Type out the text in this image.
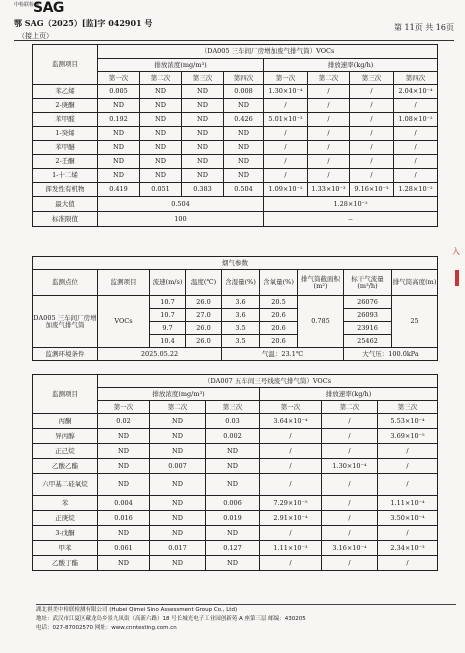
中检联检测
SAG
鄂 SAG（2025）[监]字 042901 号
（接上页）
第 11页 共 16页
监测项目	（DA005 三车间厂房增加废气排气筒）VOCs							
	排放浓度(mg/m³)				排放速率(kg/h)			
	第一次	第二次	第三次	第四次	第一次	第二次	第三次	第四次
苯乙烯	0.005	ND	ND	0.008	1.30×10⁻⁴	/	/	2.04×10⁻⁴
2-庚酮	ND	ND	ND	ND	/	/	/	/
苯甲醛	0.192	ND	ND	0.426	5.01×10⁻³	/	/	1.08×10⁻²
1-癸烯	ND	ND	ND	ND	/	/	/	/
苯甲醚	ND	ND	ND	ND	/	/	/	/
2-壬酮	ND	ND	ND	ND	/	/	/	/
1-十二烯	ND	ND	ND	ND	/	/	/	/
挥发性有机物	0.419	0.051	0.383	0.504	1.09×10⁻²	1.33×10⁻³	9.16×10⁻³	1.28×10⁻²
最大值	0.504				1.28×10⁻²			
标准限值	100				--			
烟气参数								
监测点位	监测项目	流速(m/s)	温度(℃)	含湿量(%)	含氧量(%)	排气筒截面积(m²)	标干气流量(m³/h)	排气筒高度(m)
DA005 三车间厂房增加废气排气筒	VOCs	10.7	26.0	3.6	20.5	0.785	26076	25
		10.7	27.0	3.6	20.6		26093	
		9.7	26.0	3.5	20.6		23916	
		10.4	26.0	3.5	20.6		25462	
监测环境条件	2025.05.22			气温：23.1℃			大气压：100.0kPa	
监测项目	（DA007 五车间三号线废气排气筒）VOCs					
	排放浓度(mg/m³)			排放速率(kg/h)		
	第一次	第二次	第三次	第一次	第二次	第三次
丙酮	0.02	ND	0.03	3.64×10⁻⁴	/	5.53×10⁻⁴
异丙醇	ND	ND	0.002	/	/	3.69×10⁻⁵
正己烷	ND	ND	ND	/	/	/
乙酸乙酯	ND	0.007	ND	/	1.30×10⁻⁴	/
六甲基二硅氧烷	ND	ND	ND	/	/	/
苯	0.004	ND	0.006	7.29×10⁻⁵	/	1.11×10⁻⁴
正庚烷	0.016	ND	0.019	2.91×10⁻⁴	/	3.50×10⁻⁴
3-戊酮	ND	ND	ND	/	/	/
甲苯	0.061	0.017	0.127	1.11×10⁻³	3.16×10⁻⁴	2.34×10⁻³
乙酸丁酯	ND	ND	ND	/	/	/
入
湖北祺美中检联检测有限公司 (Hubei Qimei Sino Assessment Group Co., Ltd)
地址：武汉市江夏区藏龙岛乡景九凤街（高新六路）18 号长城光电子工业园创新苑 A 座第三层 邮编：430205
电话：027-87002570 网址：www.cnntesting.com.cn
